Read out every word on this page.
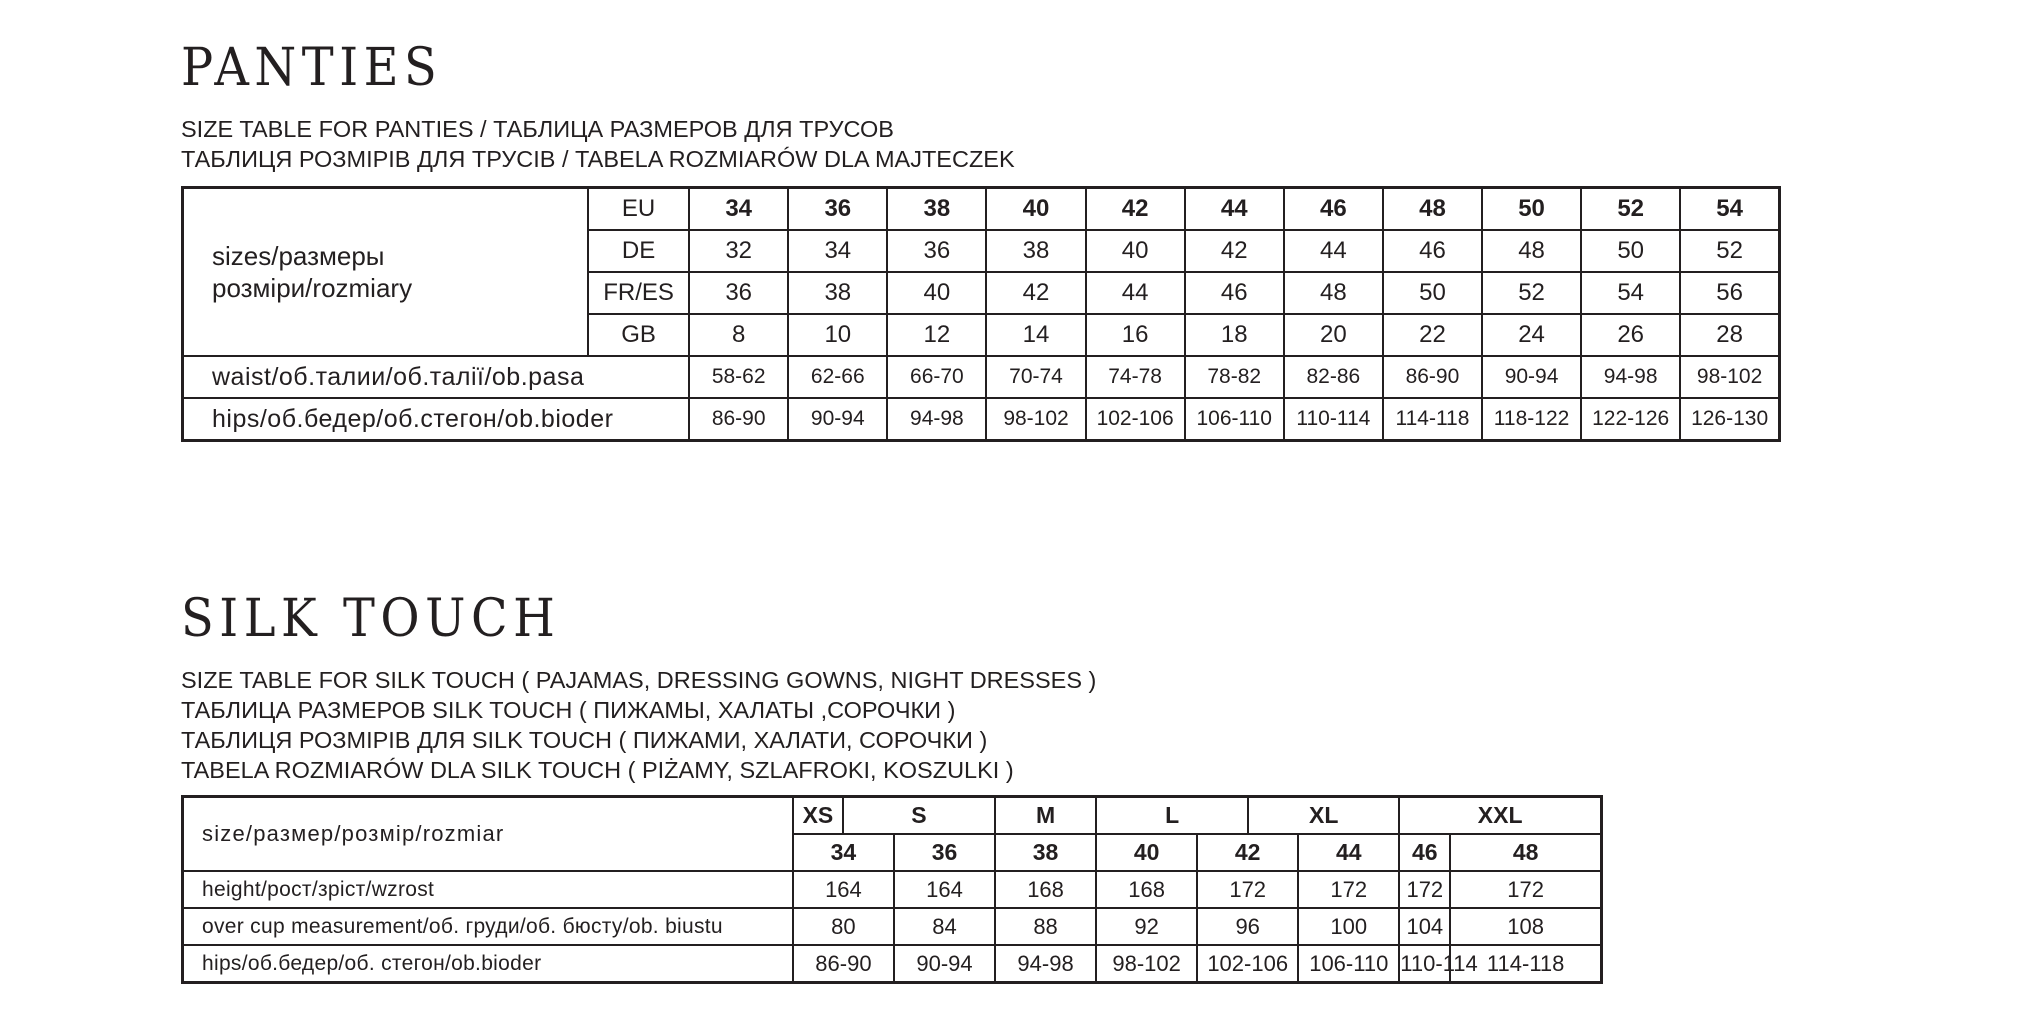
PANTIES
SIZE TABLE FOR PANTIES / ТАБЛИЦА РАЗМЕРОВ ДЛЯ ТРУСОВ
ТАБЛИЦЯ РОЗМІРІВ ДЛЯ ТРУСІВ / TABELA ROZMIARÓW DLA MAJTECZEK
sizes/размеры
розміри/rozmiary	EU	34	36	38	40	42	44	46	48	50	52	54
	DE	32	34	36	38	40	42	44	46	48	50	52
	FR/ES	36	38	40	42	44	46	48	50	52	54	56
	GB	8	10	12	14	16	18	20	22	24	26	28
waist/об.талии/об.талії/ob.pasa		58-62	62-66	66-70	70-74	74-78	78-82	82-86	86-90	90-94	94-98	98-102
hips/об.бедер/об.стегон/ob.bioder		86-90	90-94	94-98	98-102	102-106	106-110	110-114	114-118	118-122	122-126	126-130
SILK TOUCH
SIZE TABLE FOR SILK TOUCH ( PAJAMAS, DRESSING GOWNS, NIGHT DRESSES )
ТАБЛИЦА РАЗМЕРОВ SILK TOUCH ( ПИЖАМЫ, ХАЛАТЫ ,СОРОЧКИ )
ТАБЛИЦЯ РОЗМІРІВ ДЛЯ SILK TOUCH ( ПИЖАМИ, ХАЛАТИ, СОРОЧКИ )
TABELA ROZMIARÓW DLA SILK TOUCH ( PIŻAMY, SZLAFROKI, KOSZULKI )
size/размер/розмір/rozmiar	XS	S		M	L		XL		XXL	
	34		36	38	40	42		44	46	48
height/рост/зріст/wzrost	164		164	168	168	172		172	172	172
over cup measurement/об. груди/об. бюсту/ob. biustu	80		84	88	92	96		100	104	108
hips/об.бедер/об. стегон/ob.bioder	86-90		90-94	94-98	98-102	102-106		106-110	110-114	114-118
